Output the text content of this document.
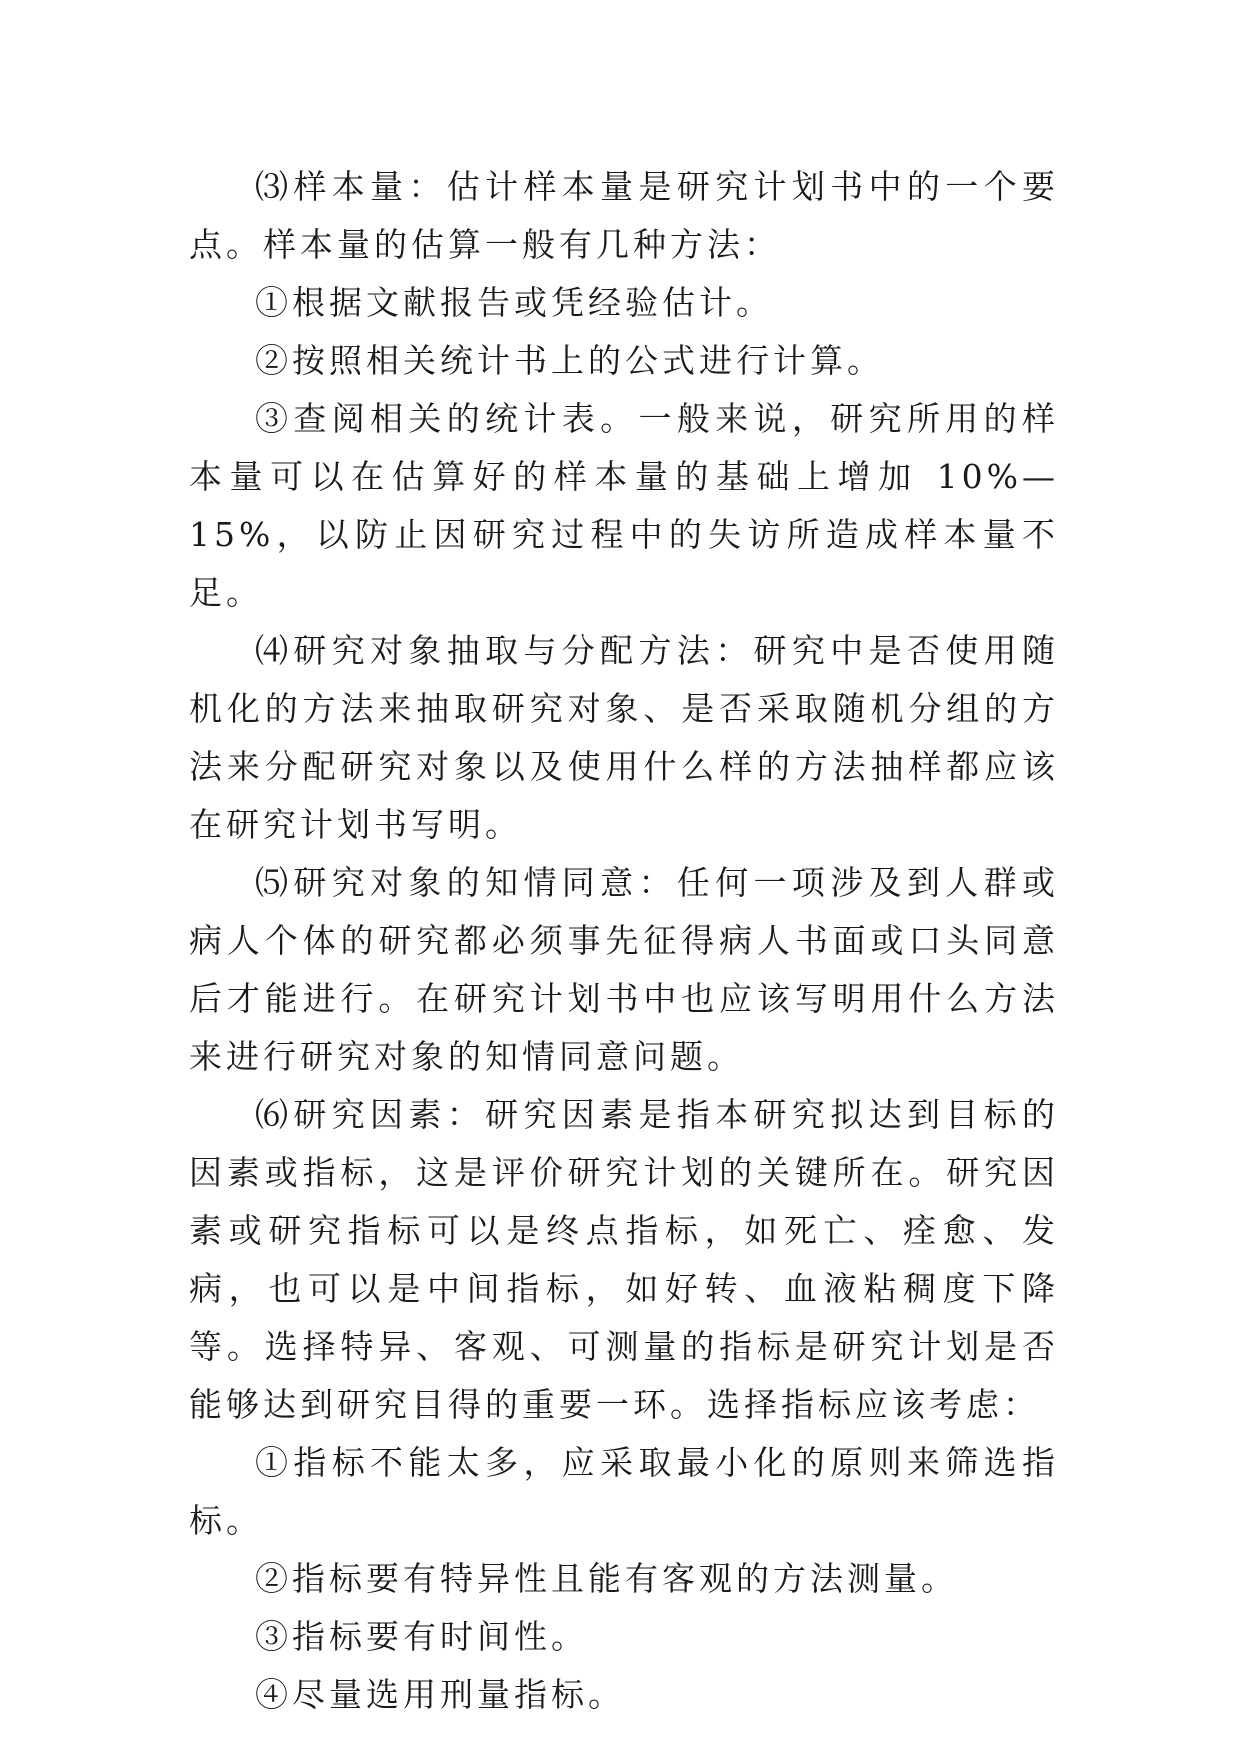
⑶样本量：估计样本量是研究计划书中的一个要点。样本量的估算一般有几种方法：

①根据文献报告或凭经验估计。

②按照相关统计书上的公式进行计算。

③查阅相关的统计表。一般来说，研究所用的样本量可以在估算好的样本量的基础上增加 10%—15%，以防止因研究过程中的失访所造成样本量不足。

⑷研究对象抽取与分配方法：研究中是否使用随机化的方法来抽取研究对象、是否采取随机分组的方法来分配研究对象以及使用什么样的方法抽样都应该在研究计划书写明。

⑸研究对象的知情同意：任何一项涉及到人群或病人个体的研究都必须事先征得病人书面或口头同意后才能进行。在研究计划书中也应该写明用什么方法来进行研究对象的知情同意问题。

⑹研究因素：研究因素是指本研究拟达到目标的因素或指标，这是评价研究计划的关键所在。研究因素或研究指标可以是终点指标，如死亡、痊愈、发病，也可以是中间指标，如好转、血液粘稠度下降等。选择特异、客观、可测量的指标是研究计划是否能够达到研究目得的重要一环。选择指标应该考虑：

①指标不能太多，应采取最小化的原则来筛选指标。

②指标要有特异性且能有客观的方法测量。

③指标要有时间性。

④尽量选用刑量指标。
